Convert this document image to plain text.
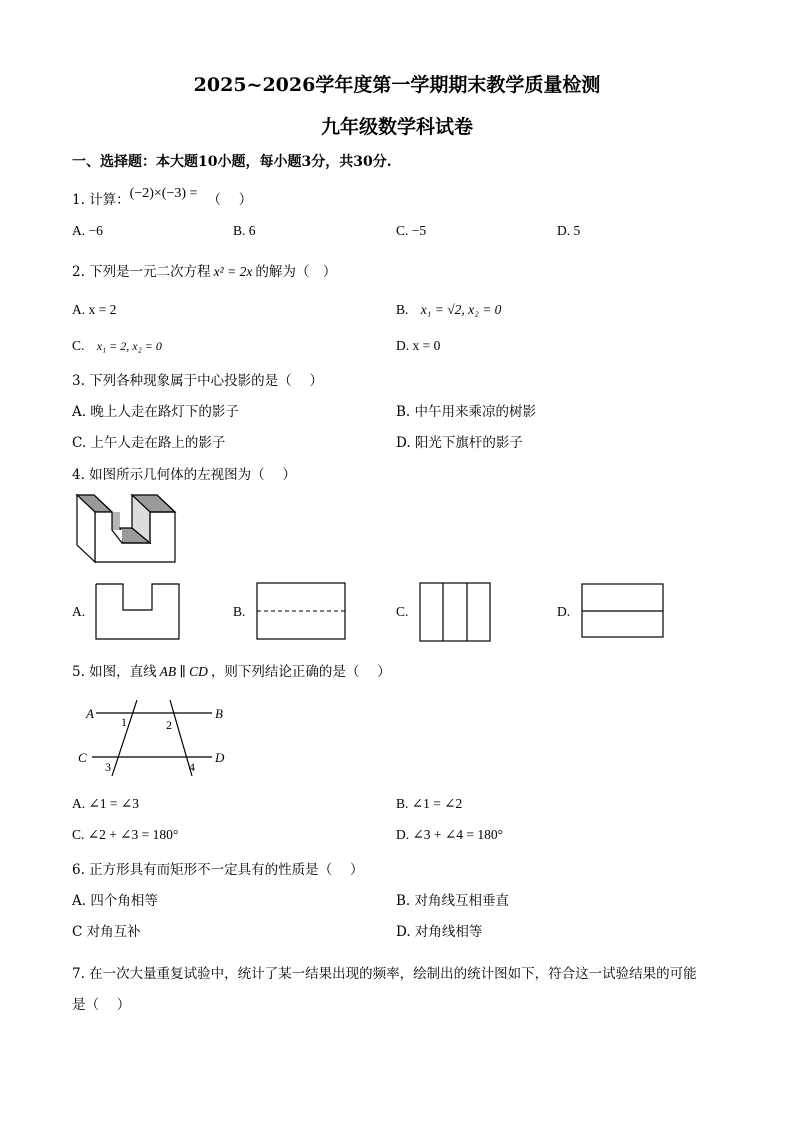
2025~2026学年度第一学期期末教学质量检测
九年级数学科试卷
一、选择题：本大题10小题，每小题3分，共30分.
1. 计算：(−2)×(−3) = （　 ）
A. −6	B. 6	C. −5	D. 5
2. 下列是一元二次方程 x² = 2x 的解为（　）
A. x = 2	B. x₁ = √2, x₂ = 0
C. x₁ = 2, x₂ = 0	D. x = 0
3. 下列各种现象属于中心投影的是（　 ）
A. 晚上人走在路灯下的影子	B. 中午用来乘凉的树影
C. 上午人走在路上的影子	D. 阳光下旗杆的影子
4. 如图所示几何体的左视图为（　 ）
A.	B.	C.	D.
5. 如图，直线 AB ∥ CD ，则下列结论正确的是（　 ）
A	B
C	D
1	2
3	4
A. ∠1 = ∠3	B. ∠1 = ∠2
C. ∠2 + ∠3 = 180°	D. ∠3 + ∠4 = 180°
6. 正方形具有而矩形不一定具有的性质是（　 ）
A. 四个角相等	B. 对角线互相垂直
C 对角互补	D. 对角线相等
7. 在一次大量重复试验中，统计了某一结果出现的频率，绘制出的统计图如下，符合这一试验结果的可能
是（　 ）
